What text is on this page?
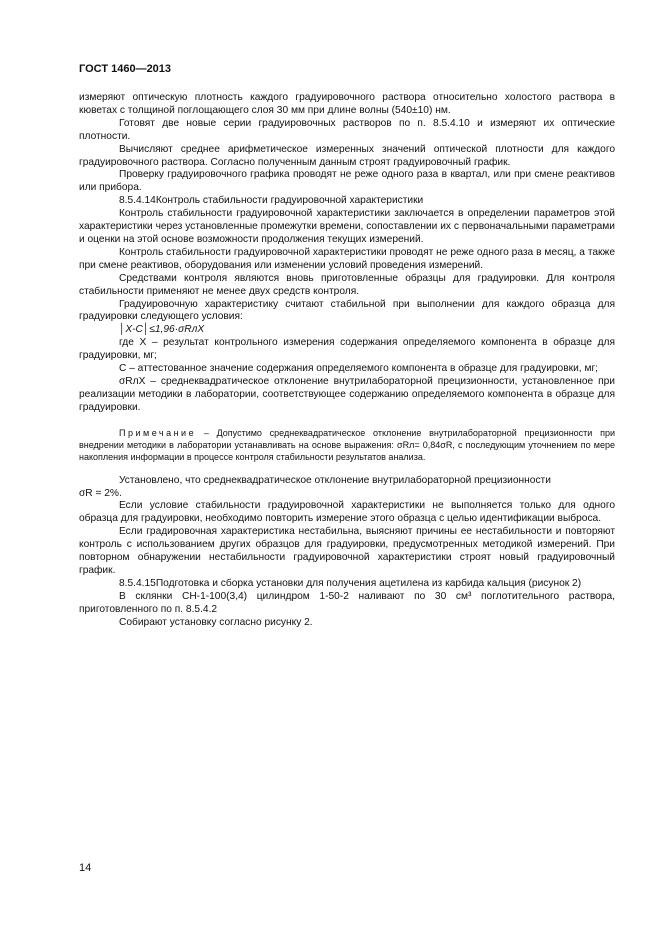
ГОСТ 1460—2013

измеряют оптическую плотность каждого градуировочного раствора относительно холостого раствора в кюветах с толщиной поглощающего слоя 30 мм при длине волны (540±10) нм.

Готовят две новые серии градуировочных растворов по п. 8.5.4.10 и измеряют их оптические плотности.

Вычисляют среднее арифметическое измеренных значений оптической плотности для каждого градуировочного раствора. Согласно полученным данным строят градуировочный график.

Проверку градуировочного графика проводят не реже одного раза в квартал, или при смене реактивов или прибора.

8.5.4.14Контроль стабильности градуировочной характеристики

Контроль стабильности градуировочной характеристики заключается в определении параметров этой характеристики через установленные промежутки времени, сопоставлении их с первоначальными параметрами и оценки на этой основе возможности продолжения текущих измерений.

Контроль стабильности градуировочной характеристики проводят не реже одного раза в месяц, а также при смене реактивов, оборудования или изменении условий проведения измерений.

Средствами контроля являются вновь приготовленные образцы для градуировки. Для контроля стабильности применяют не менее двух средств контроля.

Градуировочную характеристику считают стабильной при выполнении для каждого образца для градуировки следующего условия:

│X-C│≤1,96·σRлX

где X – результат контрольного измерения содержания определяемого компонента в образце для градуировки, мг;

C – аттестованное значение содержания определяемого компонента в образце для градуировки, мг;

σRлX – среднеквадратическое отклонение внутрилабораторной прецизионности, установленное при реализации методики в лаборатории, соответствующее содержанию определяемого компонента в образце для градуировки.

Примечание – Допустимо среднеквадратическое отклонение внутрилабораторной прецизионности при внедрении методики в лаборатории устанавливать на основе выражения: σRл= 0,84σR, с последующим уточнением по мере накопления информации в процессе контроля стабильности результатов анализа.

Установлено, что среднеквадратическое отклонение внутрилабораторной прецизионности

σR = 2%.

Если условие стабильности градуировочной характеристики не выполняется только для одного образца для градуировки, необходимо повторить измерение этого образца с целью идентификации выброса.

Если градировочная характеристика нестабильна, выясняют причины ее нестабильности и повторяют контроль с использованием других образцов для градуировки, предусмотренных методикой измерений. При повторном обнаружении нестабильности градуировочной характеристики строят новый градуировочный график.

8.5.4.15Подготовка и сборка установки для получения ацетилена из карбида кальция (рисунок 2)

В склянки СН-1-100(3,4) цилиндром 1-50-2 наливают по 30 см³ поглотительного раствора, приготовленного по п. 8.5.4.2

Собирают установку согласно рисунку 2.

14
